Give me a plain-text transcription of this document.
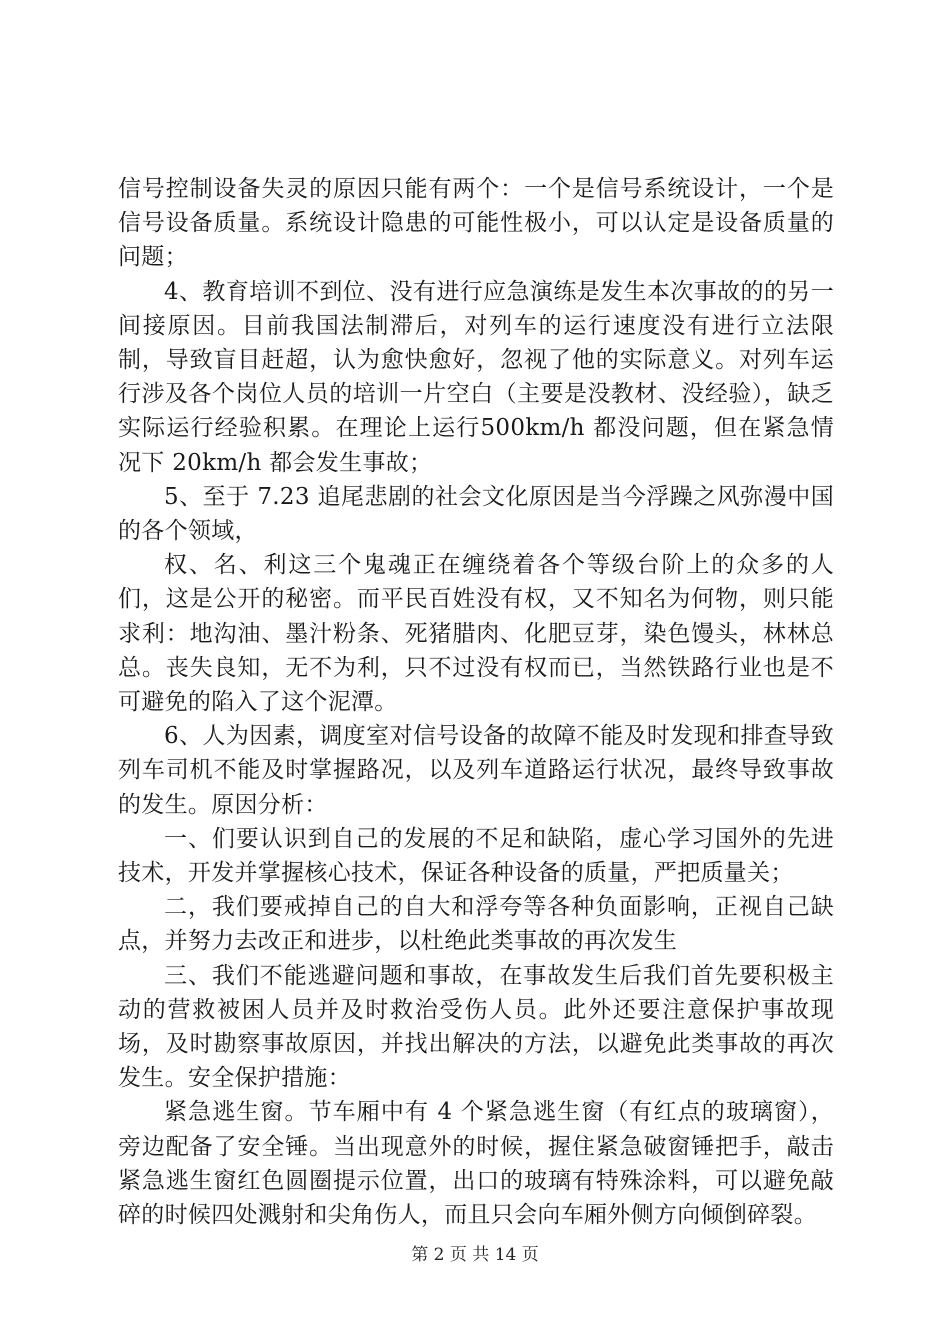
信号控制设备失灵的原因只能有两个：一个是信号系统设计，一个是信号设备质量。系统设计隐患的可能性极小，可以认定是设备质量的问题；

4、教育培训不到位、没有进行应急演练是发生本次事故的的另一间接原因。目前我国法制滞后，对列车的运行速度没有进行立法限制，导致盲目赶超，认为愈快愈好，忽视了他的实际意义。对列车运行涉及各个岗位人员的培训一片空白（主要是没教材、没经验），缺乏实际运行经验积累。在理论上运行500km/h 都没问题，但在紧急情况下 20km/h 都会发生事故；

5、至于 7.23 追尾悲剧的社会文化原因是当今浮躁之风弥漫中国的各个领域，

权、名、利这三个鬼魂正在缠绕着各个等级台阶上的众多的人们，这是公开的秘密。而平民百姓没有权，又不知名为何物，则只能求利：地沟油、墨汁粉条、死猪腊肉、化肥豆芽，染色馒头，林林总总。丧失良知，无不为利，只不过没有权而已，当然铁路行业也是不可避免的陷入了这个泥潭。

6、人为因素，调度室对信号设备的故障不能及时发现和排查导致列车司机不能及时掌握路况，以及列车道路运行状况，最终导致事故的发生。原因分析：

一、们要认识到自己的发展的不足和缺陷，虚心学习国外的先进技术，开发并掌握核心技术，保证各种设备的质量，严把质量关；

二，我们要戒掉自己的自大和浮夸等各种负面影响，正视自己缺点，并努力去改正和进步，以杜绝此类事故的再次发生

三、我们不能逃避问题和事故，在事故发生后我们首先要积极主动的营救被困人员并及时救治受伤人员。此外还要注意保护事故现场，及时勘察事故原因，并找出解决的方法，以避免此类事故的再次发生。安全保护措施：

紧急逃生窗。节车厢中有 4 个紧急逃生窗（有红点的玻璃窗），旁边配备了安全锤。当出现意外的时候，握住紧急破窗锤把手，敲击紧急逃生窗红色圆圈提示位置，出口的玻璃有特殊涂料，可以避免敲碎的时候四处溅射和尖角伤人，而且只会向车厢外侧方向倾倒碎裂。

第 2 页 共 14 页
